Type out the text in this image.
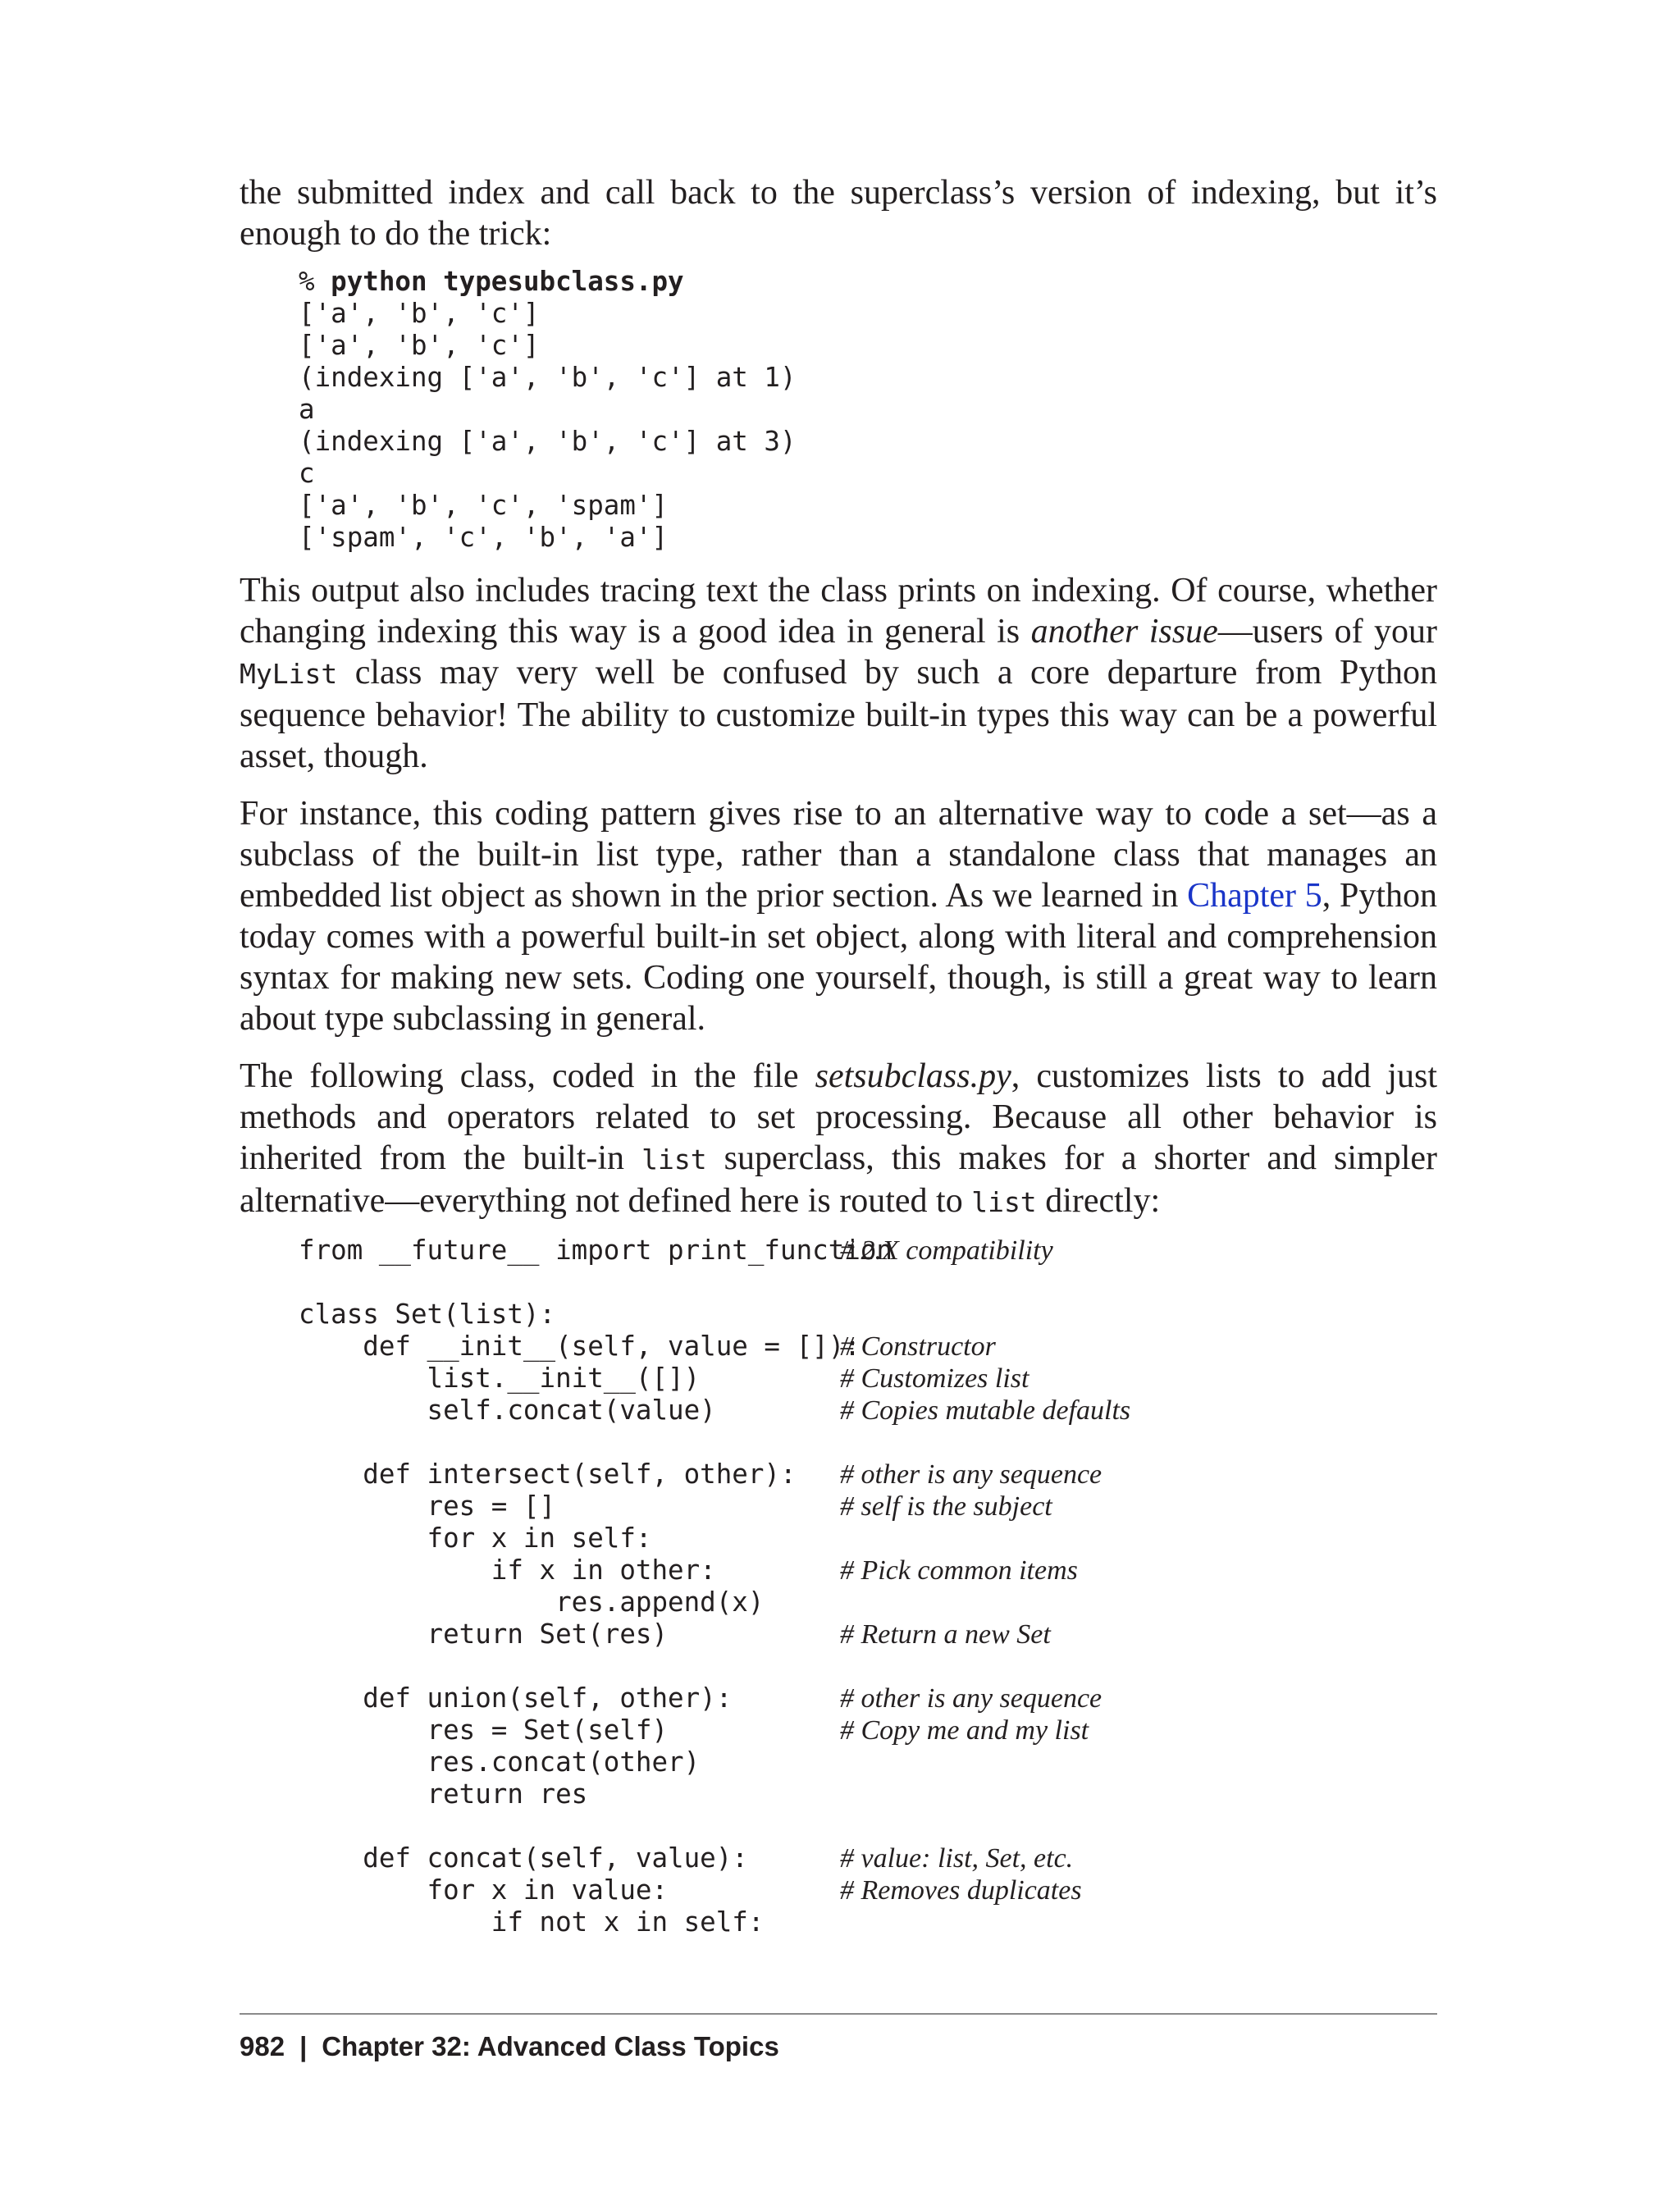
the submitted index and call back to the superclass’s version of indexing, but it’s enough to do the trick:

% python typesubclass.py
['a', 'b', 'c']
['a', 'b', 'c']
(indexing ['a', 'b', 'c'] at 1)
a
(indexing ['a', 'b', 'c'] at 3)
c
['a', 'b', 'c', 'spam']
['spam', 'c', 'b', 'a']

This output also includes tracing text the class prints on indexing. Of course, whether changing indexing this way is a good idea in general is another issue—users of your MyList class may very well be confused by such a core departure from Python sequence behavior! The ability to customize built-in types this way can be a powerful asset, though.

For instance, this coding pattern gives rise to an alternative way to code a set—as a subclass of the built-in list type, rather than a standalone class that manages an embedded list object as shown in the prior section. As we learned in Chapter 5, Python today comes with a powerful built-in set object, along with literal and comprehension syntax for making new sets. Coding one yourself, though, is still a great way to learn about type subclassing in general.

The following class, coded in the file setsubclass.py, customizes lists to add just methods and operators related to set processing. Because all other behavior is inherited from the built-in list superclass, this makes for a shorter and simpler alternative—everything not defined here is routed to list directly:

from __future__ import print_function
# 2.X compatibility
class Set(list):
def __init__(self, value = []):
# Constructor
list.__init__([])	# Customizes list
self.concat(value)	# Copies mutable defaults
def intersect(self, other): # other is any sequence
res = []	# self is the subject
for x in self:
if x in other:	# Pick common items
res.append(x)
return Set(res)	# Return a new Set
def union(self, other):	# other is any sequence
res = Set(self)	# Copy me and my list
res.concat(other)
return res
def concat(self, value):	# value: list, Set, etc.
for x in value:	# Removes duplicates
if not x in self:
982 | Chapter 32: Advanced Class Topics
